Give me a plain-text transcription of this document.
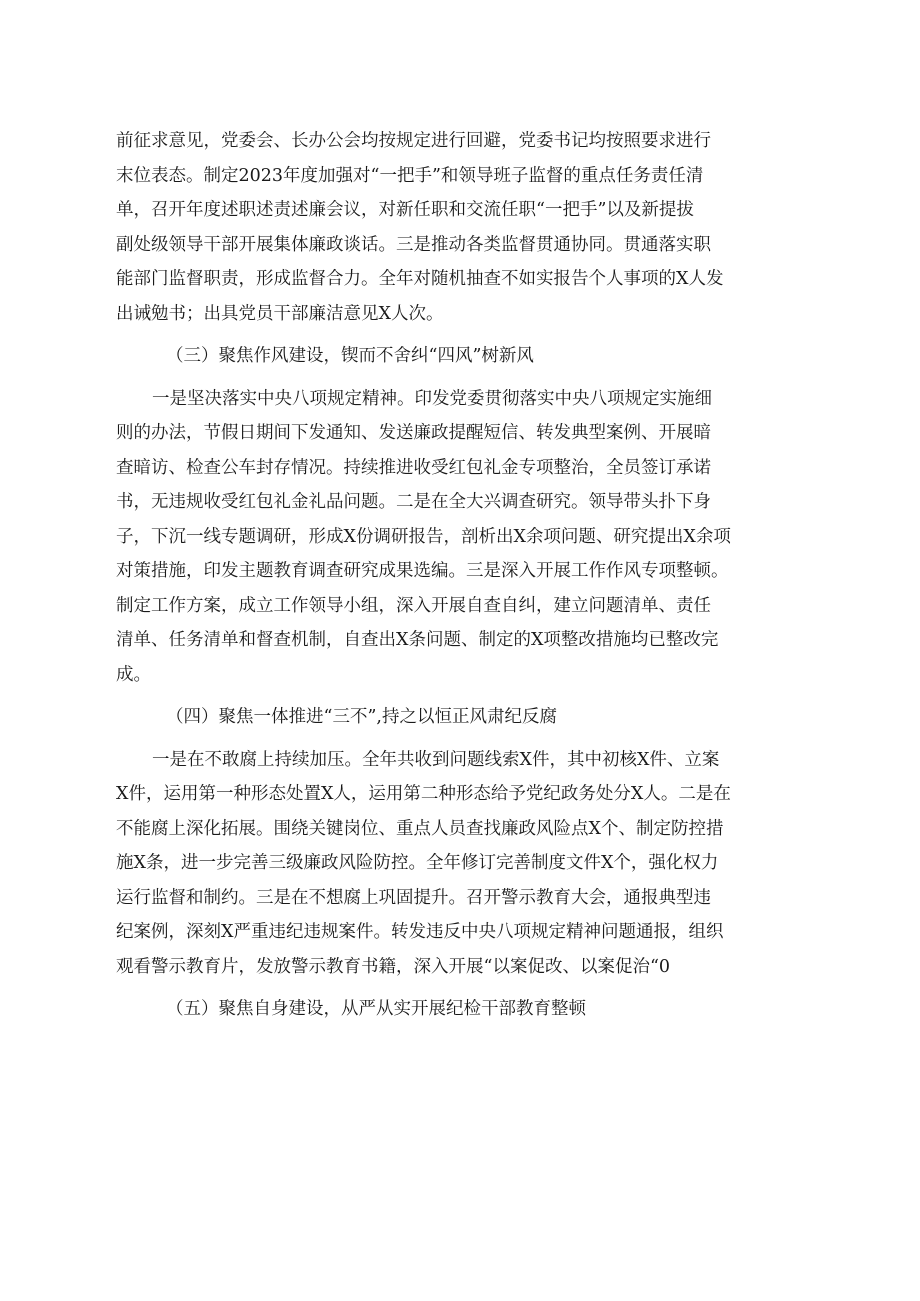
前征求意见，党委会、长办公会均按规定进行回避，党委书记均按照要求进行
末位表态。制定2023年度加强对“一把手”和领导班子监督的重点任务责任清
单，召开年度述职述责述廉会议，对新任职和交流任职“一把手”以及新提拔
副处级领导干部开展集体廉政谈话。三是推动各类监督贯通协同。贯通落实职
能部门监督职责，形成监督合力。全年对随机抽查不如实报告个人事项的X人发
出诫勉书；出具党员干部廉洁意见X人次。
（三）聚焦作风建设，锲而不舍纠“四风”树新风
一是坚决落实中央八项规定精神。印发党委贯彻落实中央八项规定实施细
则的办法，节假日期间下发通知、发送廉政提醒短信、转发典型案例、开展暗
查暗访、检查公车封存情况。持续推进收受红包礼金专项整治，全员签订承诺
书，无违规收受红包礼金礼品问题。二是在全大兴调查研究。领导带头扑下身
子，下沉一线专题调研，形成X份调研报告，剖析出X余项问题、研究提出X余项
对策措施，印发主题教育调查研究成果选编。三是深入开展工作作风专项整顿。
制定工作方案，成立工作领导小组，深入开展自查自纠，建立问题清单、责任
清单、任务清单和督查机制，自查出X条问题、制定的X项整改措施均已整改完
成。
（四）聚焦一体推进“三不”,持之以恒正风肃纪反腐
一是在不敢腐上持续加压。全年共收到问题线索X件，其中初核X件、立案
X件，运用第一种形态处置X人，运用第二种形态给予党纪政务处分X人。二是在
不能腐上深化拓展。围绕关键岗位、重点人员查找廉政风险点X个、制定防控措
施X条，进一步完善三级廉政风险防控。全年修订完善制度文件X个，强化权力
运行监督和制约。三是在不想腐上巩固提升。召开警示教育大会，通报典型违
纪案例，深刻X严重违纪违规案件。转发违反中央八项规定精神问题通报，组织
观看警示教育片，发放警示教育书籍，深入开展“以案促改、以案促治“0
（五）聚焦自身建设，从严从实开展纪检干部教育整顿
